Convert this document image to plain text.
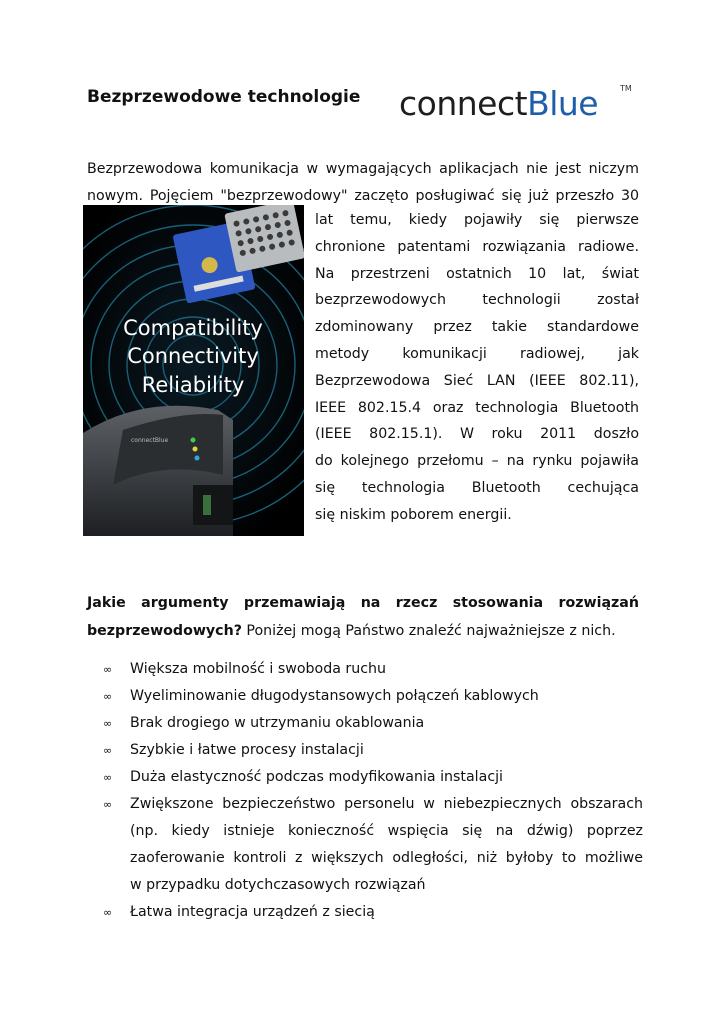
Bezprzewodowe technologie connectBlue	TM
Bezprzewodowa komunikacja w wymagających aplikacjach nie jest niczym
nowym. Pojęciem "bezprzewodowy" zaczęto posługiwać się już przeszło 30
Compatibility
Connectivity
Reliability
connectBlue
lat temu, kiedy pojawiły się pierwsze
chronione patentami rozwiązania radiowe.
Na przestrzeni ostatnich 10 lat, świat
bezprzewodowych technologii został
zdominowany przez takie standardowe
metody komunikacji radiowej, jak
Bezprzewodowa Sieć LAN (IEEE 802.11),
IEEE 802.15.4 oraz technologia Bluetooth
(IEEE 802.15.1). W roku 2011 doszło
do kolejnego przełomu – na rynku pojawiła
się technologia Bluetooth cechująca
się niskim poborem energii.
Jakie argumenty przemawiają na rzecz stosowania rozwiązań
bezprzewodowych? Poniżej mogą Państwo znaleźć najważniejsze z nich.
∞ Większa mobilność i swoboda ruchu
∞ Wyeliminowanie długodystansowych połączeń kablowych
∞ Brak drogiego w utrzymaniu okablowania
∞ Szybkie i łatwe procesy instalacji
∞ Duża elastyczność podczas modyfikowania instalacji
∞ Zwiększone bezpieczeństwo personelu w niebezpiecznych obszarach
(np. kiedy istnieje konieczność wspięcia się na dźwig) poprzez
zaoferowanie kontroli z większych odległości, niż byłoby to możliwe
w przypadku dotychczasowych rozwiązań
∞ Łatwa integracja urządzeń z siecią
